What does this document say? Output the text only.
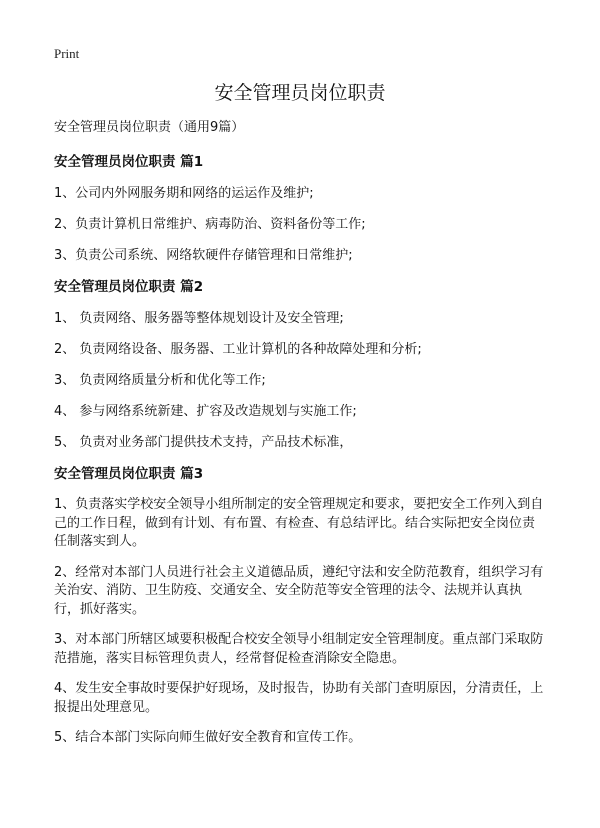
Print
安全管理员岗位职责

安全管理员岗位职责（通用9篇）

安全管理员岗位职责 篇1

1、公司内外网服务期和网络的运运作及维护;

2、负责计算机日常维护、病毒防治、资料备份等工作;

3、负责公司系统、网络软硬件存储管理和日常维护;

安全管理员岗位职责 篇2

1、 负责网络、服务器等整体规划设计及安全管理;

2、 负责网络设备、服务器、工业计算机的各种故障处理和分析;

3、 负责网络质量分析和优化等工作;

4、 参与网络系统新建、扩容及改造规划与实施工作;

5、 负责对业务部门提供技术支持，产品技术标准，

安全管理员岗位职责 篇3

1、负责落实学校安全领导小组所制定的安全管理规定和要求，要把安全工作列入到自己的工作日程，做到有计划、有布置、有检查、有总结评比。结合实际把安全岗位责任制落实到人。

2、经常对本部门人员进行社会主义道德品质，遵纪守法和安全防范教育，组织学习有关治安、消防、卫生防疫、交通安全、安全防范等安全管理的法令、法规并认真执行，抓好落实。

3、对本部门所辖区域要积极配合校安全领导小组制定安全管理制度。重点部门采取防范措施，落实目标管理负责人，经常督促检查消除安全隐患。

4、发生安全事故时要保护好现场，及时报告，协助有关部门查明原因，分清责任，上报提出处理意见。

5、结合本部门实际向师生做好安全教育和宣传工作。
